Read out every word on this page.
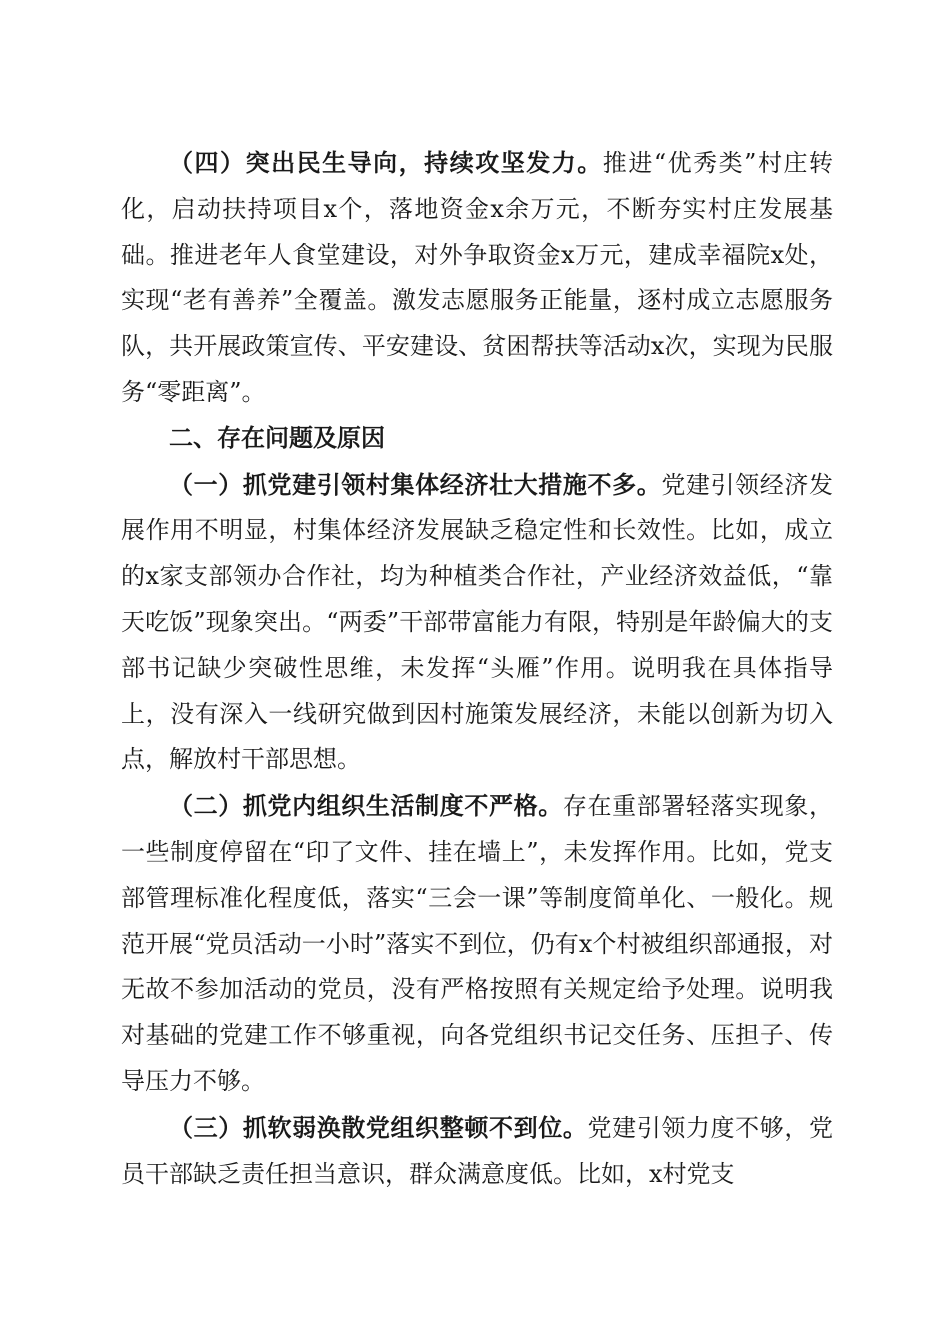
（四）突出民生导向，持续攻坚发力。推进“优秀类”村庄转化，启动扶持项目x个，落地资金x余万元，不断夯实村庄发展基础。推进老年人食堂建设，对外争取资金x万元，建成幸福院x处，实现“老有善养”全覆盖。激发志愿服务正能量，逐村成立志愿服务队，共开展政策宣传、平安建设、贫困帮扶等活动x次，实现为民服务“零距离”。

二、存在问题及原因

（一）抓党建引领村集体经济壮大措施不多。党建引领经济发展作用不明显，村集体经济发展缺乏稳定性和长效性。比如，成立的x家支部领办合作社，均为种植类合作社，产业经济效益低，“靠天吃饭”现象突出。“两委”干部带富能力有限，特别是年龄偏大的支部书记缺少突破性思维，未发挥“头雁”作用。说明我在具体指导上，没有深入一线研究做到因村施策发展经济，未能以创新为切入点，解放村干部思想。

（二）抓党内组织生活制度不严格。存在重部署轻落实现象，一些制度停留在“印了文件、挂在墙上”，未发挥作用。比如，党支部管理标准化程度低，落实“三会一课”等制度简单化、一般化。规范开展“党员活动一小时”落实不到位，仍有x个村被组织部通报，对无故不参加活动的党员，没有严格按照有关规定给予处理。说明我对基础的党建工作不够重视，向各党组织书记交任务、压担子、传导压力不够。

（三）抓软弱涣散党组织整顿不到位。党建引领力度不够，党员干部缺乏责任担当意识，群众满意度低。比如，x村党支
